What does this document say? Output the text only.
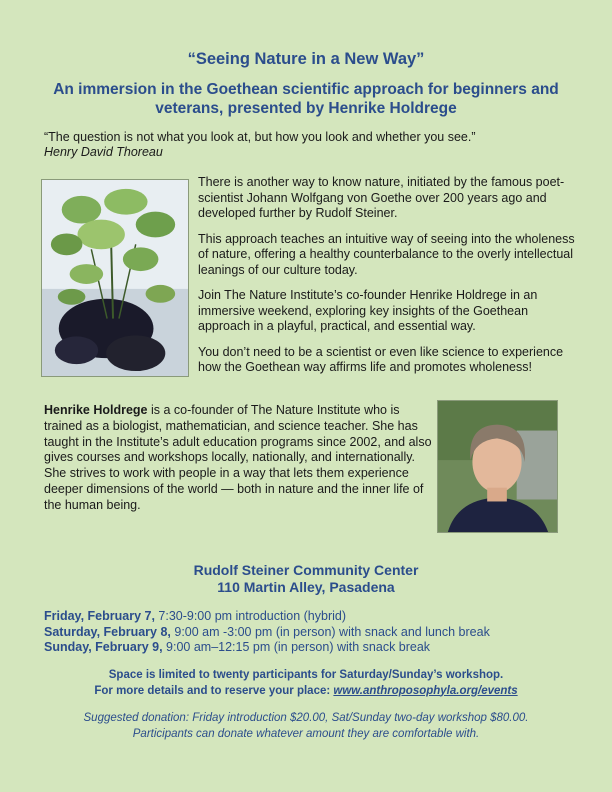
“Seeing Nature in a New Way”
An immersion in the Goethean scientific approach for beginners and veterans, presented by Henrike Holdrege
“The question is not what you look at, but how you look and whether you see.”
Henry David Thoreau

There is another way to know nature, initiated by the famous poet-scientist Johann Wolfgang von Goethe over 200 years ago and developed further by Rudolf Steiner.

This approach teaches an intuitive way of seeing into the wholeness of nature, offering a healthy counterbalance to the overly intellectual leanings of our culture today.

Join The Nature Institute’s co-founder Henrike Holdrege in an immersive weekend, exploring key insights of the Goethean approach in a playful, practical, and essential way.

You don’t need to be a scientist or even like science to experience how the Goethean way affirms life and promotes wholeness!

Henrike Holdrege is a co-founder of The Nature Institute who is trained as a biologist, mathematician, and science teacher. She has taught in the Institute’s adult education programs since 2002, and also gives courses and workshops locally, nationally, and internationally. She strives to work with people in a way that lets them experience deeper dimensions of the world — both in nature and the inner life of the human being.
Rudolf Steiner Community Center
110 Martin Alley, Pasadena
Friday, February 7, 7:30-9:00 pm introduction (hybrid)
Saturday, February 8, 9:00 am -3:00 pm (in person) with snack and lunch break
Sunday, February 9, 9:00 am–12:15 pm (in person) with snack break
Space is limited to twenty participants for Saturday/Sunday’s workshop.
For more details and to reserve your place: www.anthroposophyla.org/events
Suggested donation: Friday introduction $20.00, Sat/Sunday two-day workshop $80.00.
Participants can donate whatever amount they are comfortable with.
